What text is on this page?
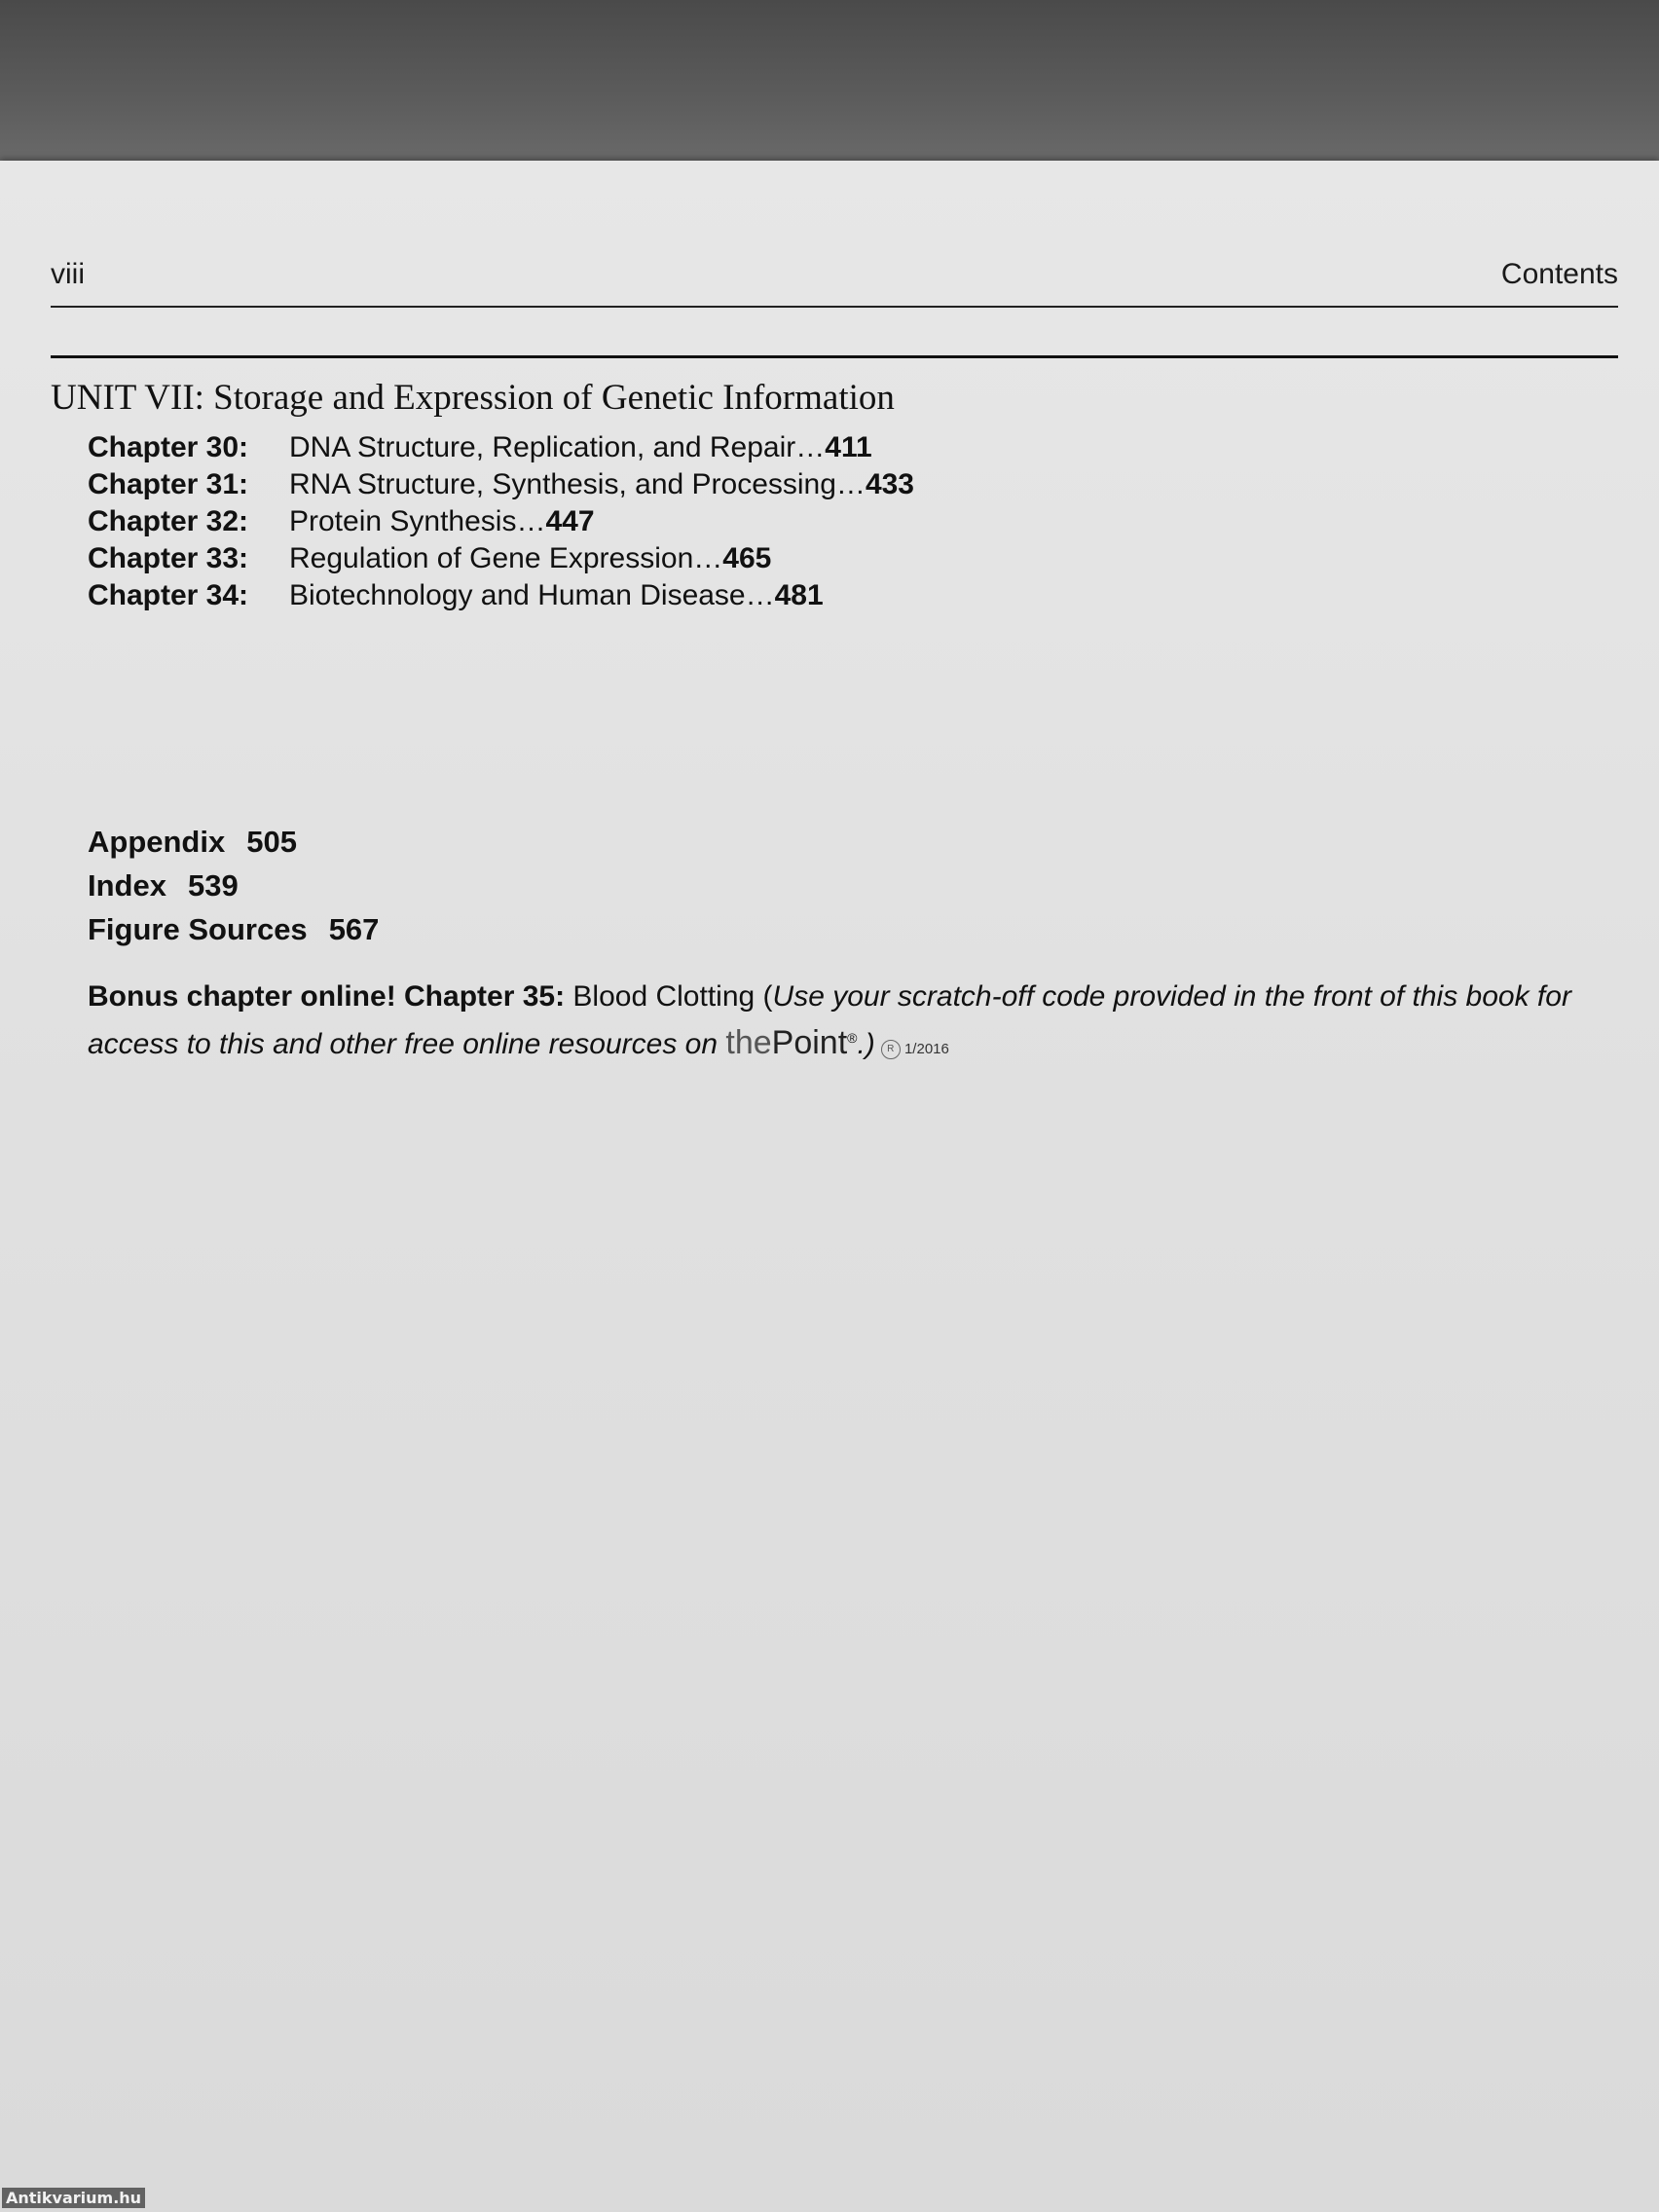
viii	Contents
UNIT VII: Storage and Expression of Genetic Information
Chapter 30: DNA Structure, Replication, and Repair…411
Chapter 31: RNA Structure, Synthesis, and Processing…433
Chapter 32: Protein Synthesis…447
Chapter 33: Regulation of Gene Expression…465
Chapter 34: Biotechnology and Human Disease…481
Appendix 505
Index 539
Figure Sources 567
Bonus chapter online! Chapter 35: Blood Clotting (Use your scratch-off code provided in the front of this book for access to this and other free online resources on thePoint®.) R 1/2016
Antikvarium.hu
